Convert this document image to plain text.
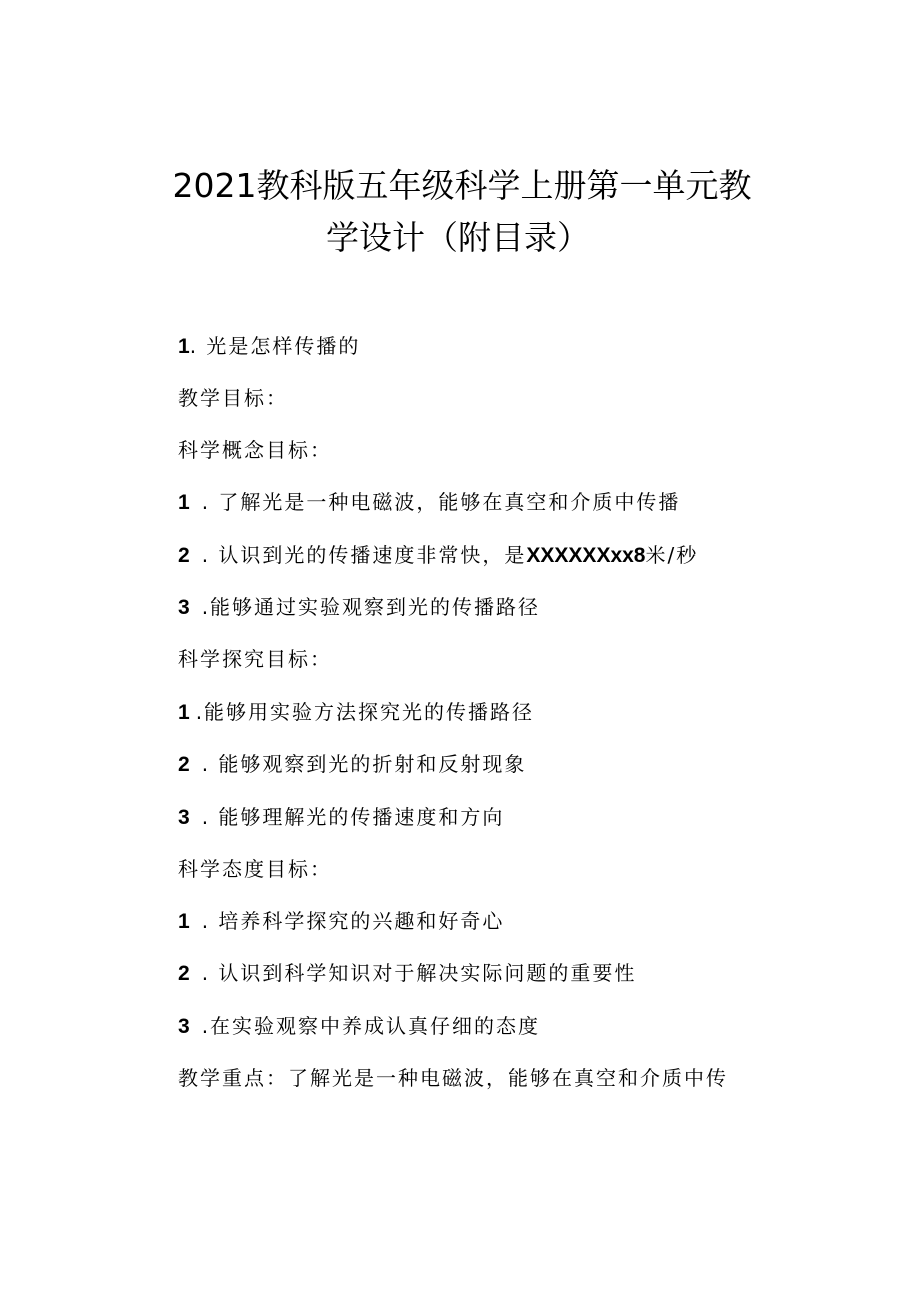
2021教科版五年级科学上册第一单元教
学设计（附目录）
1. 光是怎样传播的
教学目标：
科学概念目标：
1 . 了解光是一种电磁波，能够在真空和介质中传播
2 . 认识到光的传播速度非常快，是XXXXXXxx8米/秒
3 .能够通过实验观察到光的传播路径
科学探究目标：
1 .能够用实验方法探究光的传播路径
2 . 能够观察到光的折射和反射现象
3 . 能够理解光的传播速度和方向
科学态度目标：
1 . 培养科学探究的兴趣和好奇心
2 . 认识到科学知识对于解决实际问题的重要性
3 .在实验观察中养成认真仔细的态度
教学重点：了解光是一种电磁波，能够在真空和介质中传
